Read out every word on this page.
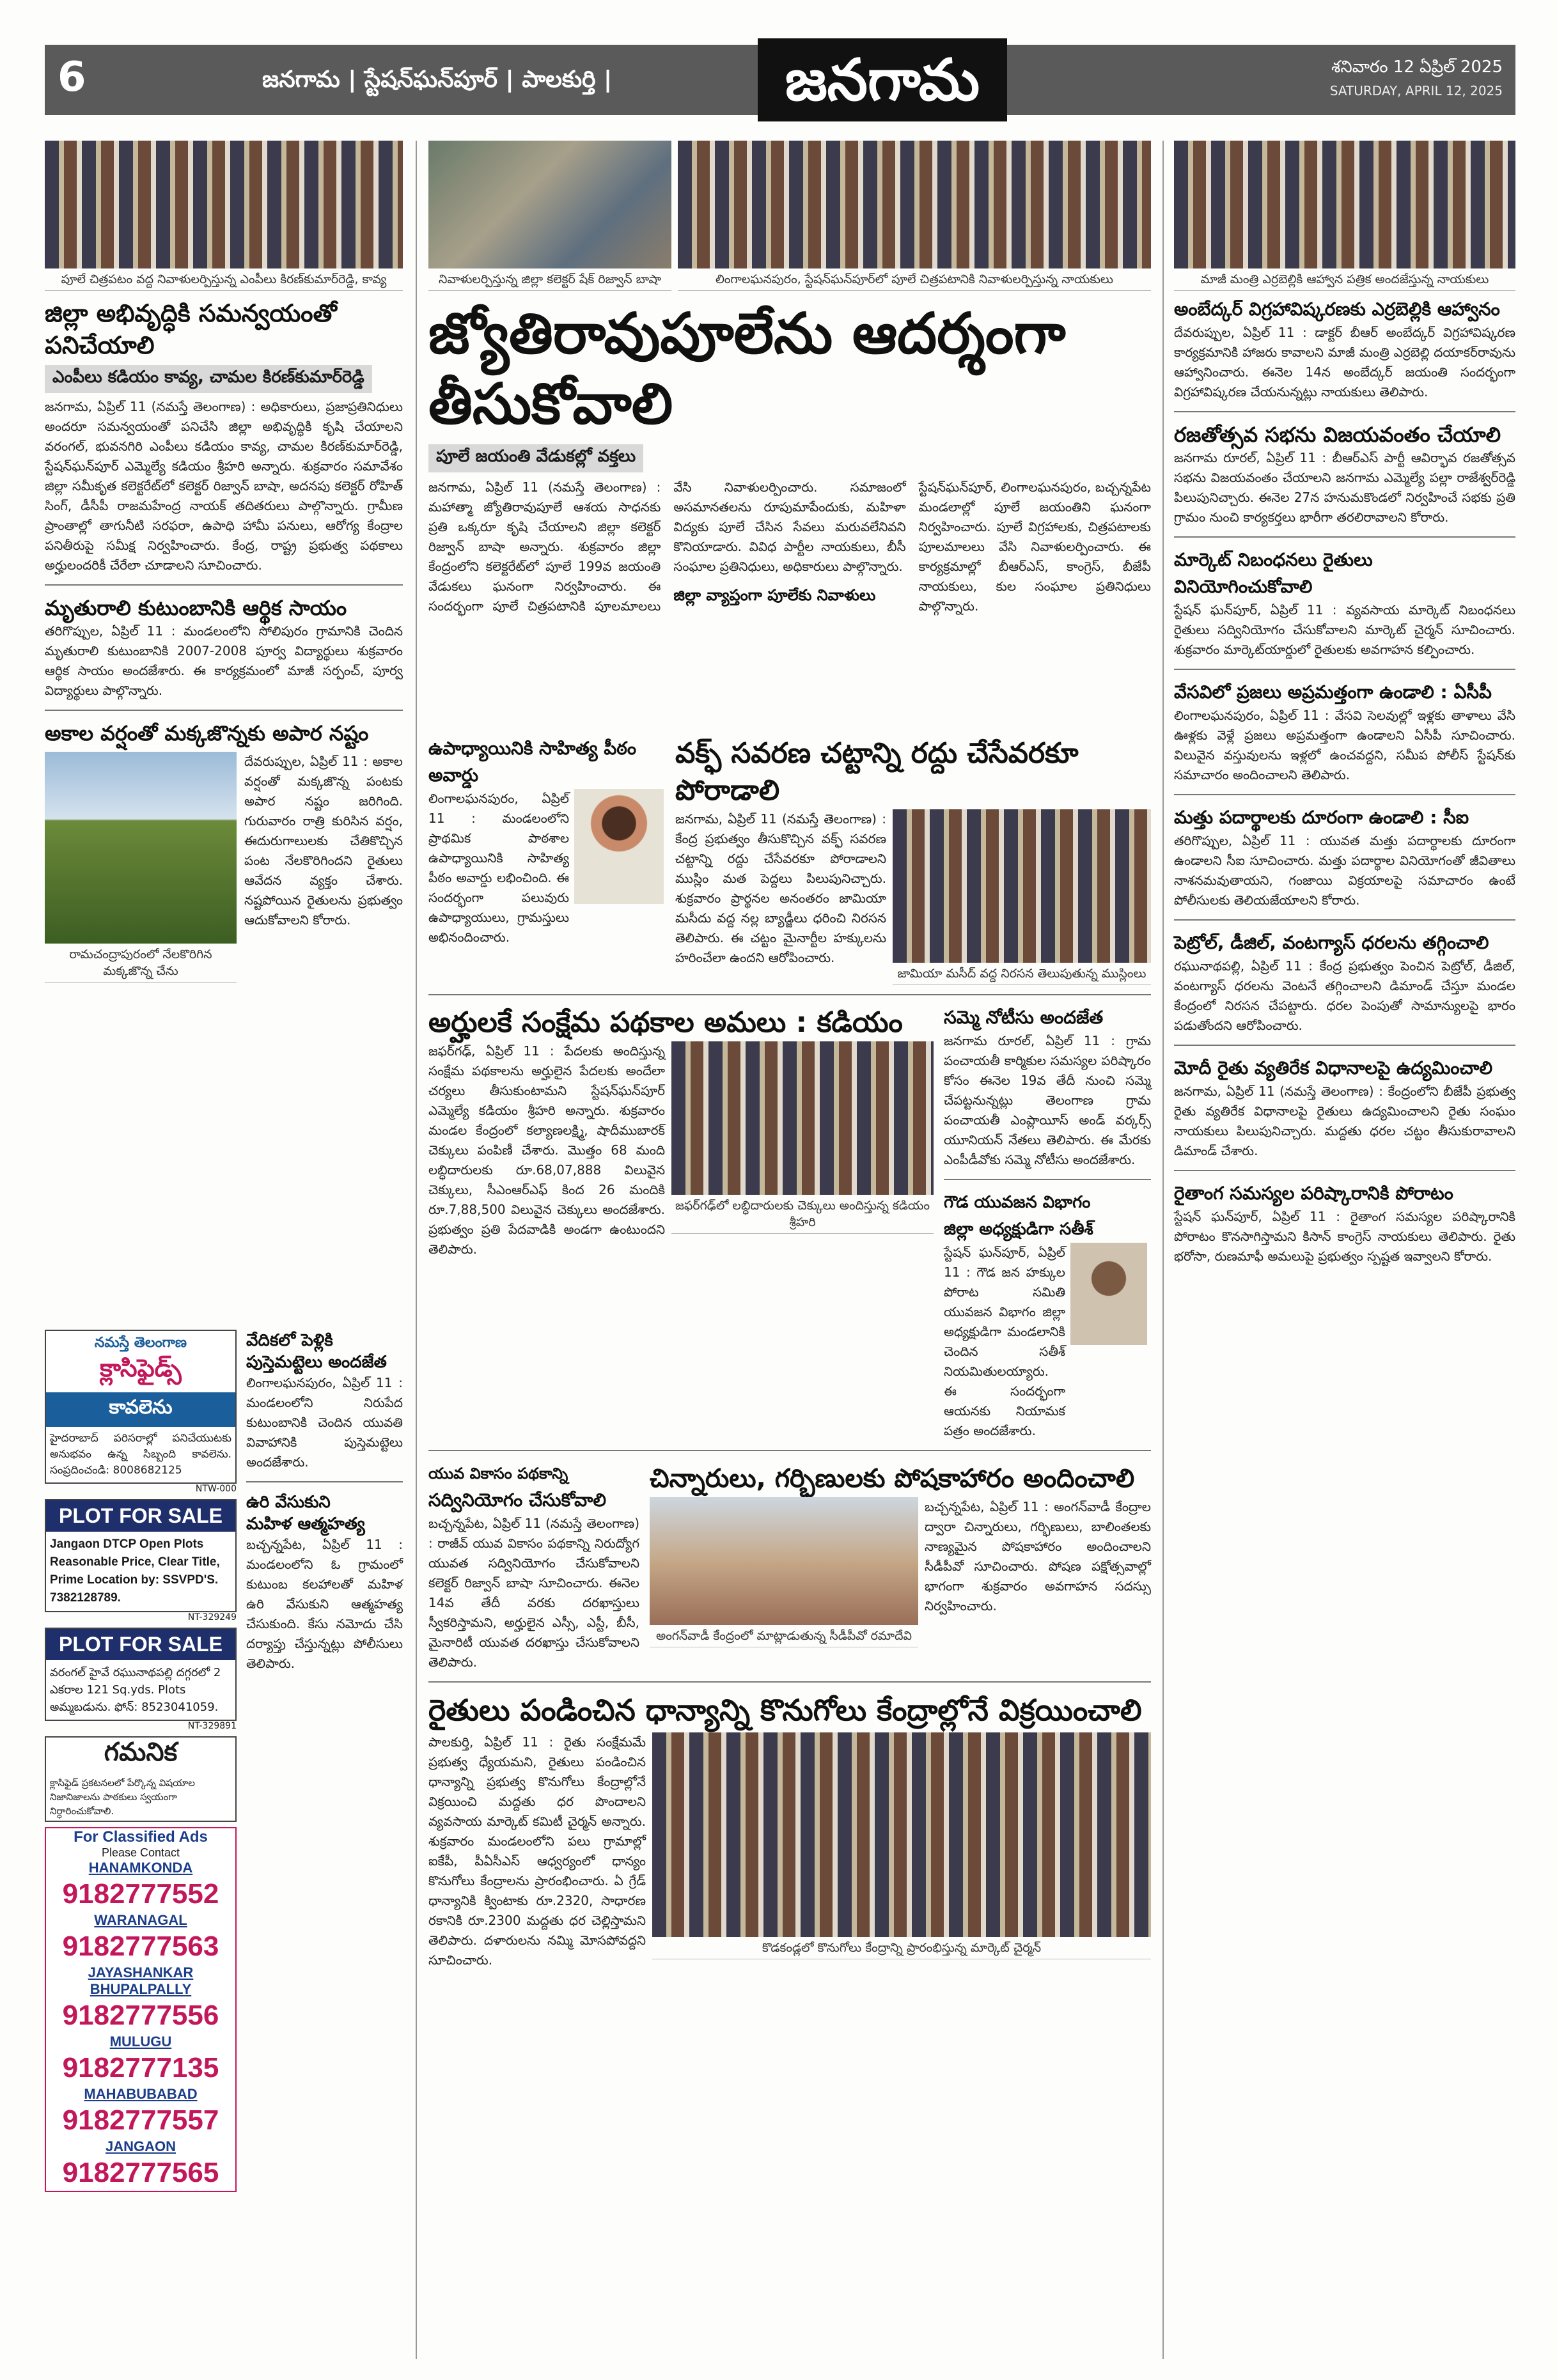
6	జనగామ | స్టేషన్‌ఘన్‌పూర్ | పాలకుర్తి |	జనగామ	శనివారం 12 ఏప్రిల్ 2025
SATURDAY, APRIL 12, 2025
పూలే చిత్రపటం వద్ద నివాళులర్పిస్తున్న ఎంపీలు కిరణ్‌కుమార్‌రెడ్డి, కావ్య
జిల్లా అభివృద్ధికి సమన్వయంతో పనిచేయాలి
ఎంపీలు కడియం కావ్య, చామల కిరణ్‌కుమార్‌రెడ్డి
జనగామ, ఏప్రిల్ 11 (నమస్తే తెలంగాణ) : అధికారులు, ప్రజాప్రతినిధులు అందరూ సమన్వయంతో పనిచేసి జిల్లా అభివృద్ధికి కృషి చేయాలని వరంగల్, భువనగిరి ఎంపీలు కడియం కావ్య, చామల కిరణ్‌కుమార్‌రెడ్డి, స్టేషన్‌ఘన్‌పూర్ ఎమ్మెల్యే కడియం శ్రీహరి అన్నారు. శుక్రవారం సమావేశం జిల్లా సమీకృత కలెక్టరేట్‌లో కలెక్టర్ రిజ్వాన్ బాషా, అదనపు కలెక్టర్ రోహిత్ సింగ్, డీసీపీ రాజమహేంద్ర నాయక్ తదితరులు పాల్గొన్నారు. గ్రామీణ ప్రాంతాల్లో తాగునీటి సరఫరా, ఉపాధి హామీ పనులు, ఆరోగ్య కేంద్రాల పనితీరుపై సమీక్ష నిర్వహించారు. కేంద్ర, రాష్ట్ర ప్రభుత్వ పథకాలు అర్హులందరికీ చేరేలా చూడాలని సూచించారు.
మృతురాలి కుటుంబానికి ఆర్థిక సాయం
తరిగొప్పుల, ఏప్రిల్ 11 : మండలంలోని సోలిపురం గ్రామానికి చెందిన మృతురాలి కుటుంబానికి 2007-2008 పూర్వ విద్యార్థులు శుక్రవారం ఆర్థిక సాయం అందజేశారు. ఈ కార్యక్రమంలో మాజీ సర్పంచ్, పూర్వ విద్యార్థులు పాల్గొన్నారు.
అకాల వర్షంతో మక్కజొన్నకు అపార నష్టం
రామచంద్రాపురంలో నేలకొరిగిన మక్కజొన్న చేను
దేవరుప్పుల, ఏప్రిల్ 11 : అకాల వర్షంతో మక్కజొన్న పంటకు అపార నష్టం జరిగింది. గురువారం రాత్రి కురిసిన వర్షం, ఈదురుగాలులకు చేతికొచ్చిన పంట నేలకొరిగిందని రైతులు ఆవేదన వ్యక్తం చేశారు. నష్టపోయిన రైతులను ప్రభుత్వం ఆదుకోవాలని కోరారు.
నమస్తే తెలంగాణ
క్లాసిఫైడ్స్
కావలెను
హైదరాబాద్ పరిసరాల్లో పనిచేయుటకు అనుభవం ఉన్న సిబ్బంది కావలెను. సంప్రదించండి: 8008682125
NTW-000
PLOT FOR SALE
Jangaon DTCP Open Plots Reasonable Price, Clear Title, Prime Location by: SSVPD'S. 7382128789.
NT-329249
PLOT FOR SALE
వరంగల్ హైవే రఘునాథపల్లి దగ్గరలో 2 ఎకరాల 121 Sq.yds. Plots అమ్మబడును. ఫోన్: 8523041059.
NT-329891
గమనిక
క్లాసిఫైడ్ ప్రకటనలలో పేర్కొన్న విషయాల నిజానిజాలను పాఠకులు స్వయంగా నిర్ధారించుకోవాలి.
For Classified Ads
Please Contact
HANAMKONDA
9182777552
WARANAGAL
9182777563
JAYASHANKAR BHUPALPALLY
9182777556
MULUGU
9182777135
MAHABUBABAD
9182777557
JANGAON
9182777565
వేదికలో పెళ్లికి
పుస్తెమట్టెలు అందజేత
లింగాలఘనపురం, ఏప్రిల్ 11 : మండలంలోని నిరుపేద కుటుంబానికి చెందిన యువతి వివాహానికి పుస్తెమట్టెలు అందజేశారు.
ఉరి వేసుకుని
మహిళ ఆత్మహత్య
బచ్చన్నపేట, ఏప్రిల్ 11 : మండలంలోని ఓ గ్రామంలో కుటుంబ కలహాలతో మహిళ ఉరి వేసుకుని ఆత్మహత్య చేసుకుంది. కేసు నమోదు చేసి దర్యాప్తు చేస్తున్నట్లు పోలీసులు తెలిపారు.
నివాళులర్పిస్తున్న జిల్లా కలెక్టర్ షేక్ రిజ్వాన్ బాషా	లింగాలఘనపురం, స్టేషన్‌ఘన్‌పూర్‌లో పూలే చిత్రపటానికి నివాళులర్పిస్తున్న నాయకులు
జ్యోతిరావుపూలేను ఆదర్శంగా తీసుకోవాలి
పూలే జయంతి వేడుకల్లో వక్తలు
జనగామ, ఏప్రిల్ 11 (నమస్తే తెలంగాణ) : మహాత్మా జ్యోతిరావుపూలే ఆశయ సాధనకు ప్రతి ఒక్కరూ కృషి చేయాలని జిల్లా కలెక్టర్ రిజ్వాన్ బాషా అన్నారు. శుక్రవారం జిల్లా కేంద్రంలోని కలెక్టరేట్‌లో పూలే 199వ జయంతి వేడుకలు ఘనంగా నిర్వహించారు. ఈ సందర్భంగా పూలే చిత్రపటానికి పూలమాలలు వేసి నివాళులర్పించారు. సమాజంలో అసమానతలను రూపుమాపేందుకు, మహిళా విద్యకు పూలే చేసిన సేవలు మరువలేనివని కొనియాడారు. వివిధ పార్టీల నాయకులు, బీసీ సంఘాల ప్రతినిధులు, అధికారులు పాల్గొన్నారు.
జిల్లా వ్యాప్తంగా పూలేకు నివాళులు
స్టేషన్‌ఘన్‌పూర్, లింగాలఘనపురం, బచ్చన్నపేట మండలాల్లో పూలే జయంతిని ఘనంగా నిర్వహించారు. పూలే విగ్రహాలకు, చిత్రపటాలకు పూలమాలలు వేసి నివాళులర్పించారు. ఈ కార్యక్రమాల్లో బీఆర్‌ఎస్, కాంగ్రెస్, బీజేపీ నాయకులు, కుల సంఘాల ప్రతినిధులు పాల్గొన్నారు.
ఉపాధ్యాయినికి సాహిత్య పీఠం అవార్డు
లింగాలఘనపురం, ఏప్రిల్ 11 : మండలంలోని ప్రాథమిక పాఠశాల ఉపాధ్యాయినికి సాహిత్య పీఠం అవార్డు లభించింది. ఈ సందర్భంగా పలువురు ఉపాధ్యాయులు, గ్రామస్తులు అభినందించారు.
వక్ఫ్ సవరణ చట్టాన్ని రద్దు చేసేవరకూ పోరాడాలి
జనగామ, ఏప్రిల్ 11 (నమస్తే తెలంగాణ) : కేంద్ర ప్రభుత్వం తీసుకొచ్చిన వక్ఫ్ సవరణ చట్టాన్ని రద్దు చేసేవరకూ పోరాడాలని ముస్లిం మత పెద్దలు పిలుపునిచ్చారు. శుక్రవారం ప్రార్థనల అనంతరం జామియా మసీదు వద్ద నల్ల బ్యాడ్జీలు ధరించి నిరసన తెలిపారు. ఈ చట్టం మైనార్టీల హక్కులను హరించేలా ఉందని ఆరోపించారు.
జామియా మసీద్ వద్ద నిరసన తెలుపుతున్న ముస్లింలు
అర్హులకే సంక్షేమ పథకాల అమలు : కడియం
జఫర్‌గఢ్, ఏప్రిల్ 11 : పేదలకు అందిస్తున్న సంక్షేమ పథకాలను అర్హులైన పేదలకు అందేలా చర్యలు తీసుకుంటామని స్టేషన్‌ఘన్‌పూర్ ఎమ్మెల్యే కడియం శ్రీహరి అన్నారు. శుక్రవారం మండల కేంద్రంలో కల్యాణలక్ష్మి, షాదీముబారక్ చెక్కులు పంపిణీ చేశారు. మొత్తం 68 మంది లబ్ధిదారులకు రూ.68,07,888 విలువైన చెక్కులు, సీఎంఆర్‌ఎఫ్ కింద 26 మందికి రూ.7,88,500 విలువైన చెక్కులు అందజేశారు. ప్రభుత్వం ప్రతి పేదవాడికి అండగా ఉంటుందని తెలిపారు.
జఫర్‌గఢ్‌లో లబ్ధిదారులకు చెక్కులు అందిస్తున్న కడియం శ్రీహరి
సమ్మె నోటీసు అందజేత
జనగామ రూరల్, ఏప్రిల్ 11 : గ్రామ పంచాయతీ కార్మికుల సమస్యల పరిష్కారం కోసం ఈనెల 19వ తేదీ నుంచి సమ్మె చేపట్టనున్నట్లు తెలంగాణ గ్రామ పంచాయతీ ఎంప్లాయీస్ అండ్ వర్కర్స్ యూనియన్ నేతలు తెలిపారు. ఈ మేరకు ఎంపీడీవోకు సమ్మె నోటీసు అందజేశారు.
గౌడ యువజన విభాగం
జిల్లా అధ్యక్షుడిగా సతీశ్
స్టేషన్ ఘన్‌పూర్, ఏప్రిల్ 11 : గౌడ జన హక్కుల పోరాట సమితి యువజన విభాగం జిల్లా అధ్యక్షుడిగా మండలానికి చెందిన సతీశ్ నియమితులయ్యారు. ఈ సందర్భంగా ఆయనకు నియామక పత్రం అందజేశారు.
యువ వికాసం పథకాన్ని
సద్వినియోగం చేసుకోవాలి
బచ్చన్నపేట, ఏప్రిల్ 11 (నమస్తే తెలంగాణ) : రాజీవ్ యువ వికాసం పథకాన్ని నిరుద్యోగ యువత సద్వినియోగం చేసుకోవాలని కలెక్టర్ రిజ్వాన్ బాషా సూచించారు. ఈనెల 14వ తేదీ వరకు దరఖాస్తులు స్వీకరిస్తామని, అర్హులైన ఎస్సీ, ఎస్టీ, బీసీ, మైనారిటీ యువత దరఖాస్తు చేసుకోవాలని తెలిపారు.
చిన్నారులు, గర్భిణులకు పోషకాహారం అందించాలి
అంగన్‌వాడీ కేంద్రంలో మాట్లాడుతున్న సీడీపీవో రమాదేవి
బచ్చన్నపేట, ఏప్రిల్ 11 : అంగన్‌వాడీ కేంద్రాల ద్వారా చిన్నారులు, గర్భిణులు, బాలింతలకు నాణ్యమైన పోషకాహారం అందించాలని సీడీపీవో సూచించారు. పోషణ పక్షోత్సవాల్లో భాగంగా శుక్రవారం అవగాహన సదస్సు నిర్వహించారు.
రైతులు పండించిన ధాన్యాన్ని కొనుగోలు కేంద్రాల్లోనే విక్రయించాలి
పాలకుర్తి, ఏప్రిల్ 11 : రైతు సంక్షేమమే ప్రభుత్వ ధ్యేయమని, రైతులు పండించిన ధాన్యాన్ని ప్రభుత్వ కొనుగోలు కేంద్రాల్లోనే విక్రయించి మద్దతు ధర పొందాలని వ్యవసాయ మార్కెట్ కమిటీ చైర్మన్ అన్నారు. శుక్రవారం మండలంలోని పలు గ్రామాల్లో ఐకేపీ, పీఏసీఎస్ ఆధ్వర్యంలో ధాన్యం కొనుగోలు కేంద్రాలను ప్రారంభించారు. ఏ గ్రేడ్ ధాన్యానికి క్వింటాకు రూ.2320, సాధారణ రకానికి రూ.2300 మద్దతు ధర చెల్లిస్తామని తెలిపారు. దళారులను నమ్మి మోసపోవద్దని సూచించారు.
కొడకండ్లలో కొనుగోలు కేంద్రాన్ని ప్రారంభిస్తున్న మార్కెట్ చైర్మన్
మాజీ మంత్రి ఎర్రబెల్లికి ఆహ్వాన పత్రిక అందజేస్తున్న నాయకులు
అంబేద్కర్ విగ్రహావిష్కరణకు ఎర్రబెల్లికి ఆహ్వానం
దేవరుప్పుల, ఏప్రిల్ 11 : డాక్టర్ బీఆర్ అంబేద్కర్ విగ్రహావిష్కరణ కార్యక్రమానికి హాజరు కావాలని మాజీ మంత్రి ఎర్రబెల్లి దయాకర్‌రావును ఆహ్వానించారు. ఈనెల 14న అంబేద్కర్ జయంతి సందర్భంగా విగ్రహావిష్కరణ చేయనున్నట్లు నాయకులు తెలిపారు.
రజతోత్సవ సభను విజయవంతం చేయాలి
జనగామ రూరల్, ఏప్రిల్ 11 : బీఆర్‌ఎస్ పార్టీ ఆవిర్భావ రజతోత్సవ సభను విజయవంతం చేయాలని జనగామ ఎమ్మెల్యే పల్లా రాజేశ్వర్‌రెడ్డి పిలుపునిచ్చారు. ఈనెల 27న హనుమకొండలో నిర్వహించే సభకు ప్రతి గ్రామం నుంచి కార్యకర్తలు భారీగా తరలిరావాలని కోరారు.
మార్కెట్ నిబంధనలు రైతులు వినియోగించుకోవాలి
స్టేషన్ ఘన్‌పూర్, ఏప్రిల్ 11 : వ్యవసాయ మార్కెట్ నిబంధనలు రైతులు సద్వినియోగం చేసుకోవాలని మార్కెట్ చైర్మన్ సూచించారు. శుక్రవారం మార్కెట్‌యార్డులో రైతులకు అవగాహన కల్పించారు.
వేసవిలో ప్రజలు అప్రమత్తంగా ఉండాలి : ఏసీపీ
లింగాలఘనపురం, ఏప్రిల్ 11 : వేసవి సెలవుల్లో ఇళ్లకు తాళాలు వేసి ఊళ్లకు వెళ్లే ప్రజలు అప్రమత్తంగా ఉండాలని ఏసీపీ సూచించారు. విలువైన వస్తువులను ఇళ్లలో ఉంచవద్దని, సమీప పోలీస్ స్టేషన్‌కు సమాచారం అందించాలని తెలిపారు.
మత్తు పదార్థాలకు దూరంగా ఉండాలి : సీఐ
తరిగొప్పుల, ఏప్రిల్ 11 : యువత మత్తు పదార్థాలకు దూరంగా ఉండాలని సీఐ సూచించారు. మత్తు పదార్థాల వినియోగంతో జీవితాలు నాశనమవుతాయని, గంజాయి విక్రయాలపై సమాచారం ఉంటే పోలీసులకు తెలియజేయాలని కోరారు.
పెట్రోల్, డీజిల్, వంటగ్యాస్ ధరలను తగ్గించాలి
రఘునాథపల్లి, ఏప్రిల్ 11 : కేంద్ర ప్రభుత్వం పెంచిన పెట్రోల్, డీజిల్, వంటగ్యాస్ ధరలను వెంటనే తగ్గించాలని డిమాండ్ చేస్తూ మండల కేంద్రంలో నిరసన చేపట్టారు. ధరల పెంపుతో సామాన్యులపై భారం పడుతోందని ఆరోపించారు.
మోదీ రైతు వ్యతిరేక విధానాలపై ఉద్యమించాలి
జనగామ, ఏప్రిల్ 11 (నమస్తే తెలంగాణ) : కేంద్రంలోని బీజేపీ ప్రభుత్వ రైతు వ్యతిరేక విధానాలపై రైతులు ఉద్యమించాలని రైతు సంఘం నాయకులు పిలుపునిచ్చారు. మద్దతు ధరల చట్టం తీసుకురావాలని డిమాండ్ చేశారు.
రైతాంగ సమస్యల పరిష్కారానికి పోరాటం
స్టేషన్ ఘన్‌పూర్, ఏప్రిల్ 11 : రైతాంగ సమస్యల పరిష్కారానికి పోరాటం కొనసాగిస్తామని కిసాన్ కాంగ్రెస్ నాయకులు తెలిపారు. రైతు భరోసా, రుణమాఫీ అమలుపై ప్రభుత్వం స్పష్టత ఇవ్వాలని కోరారు.
